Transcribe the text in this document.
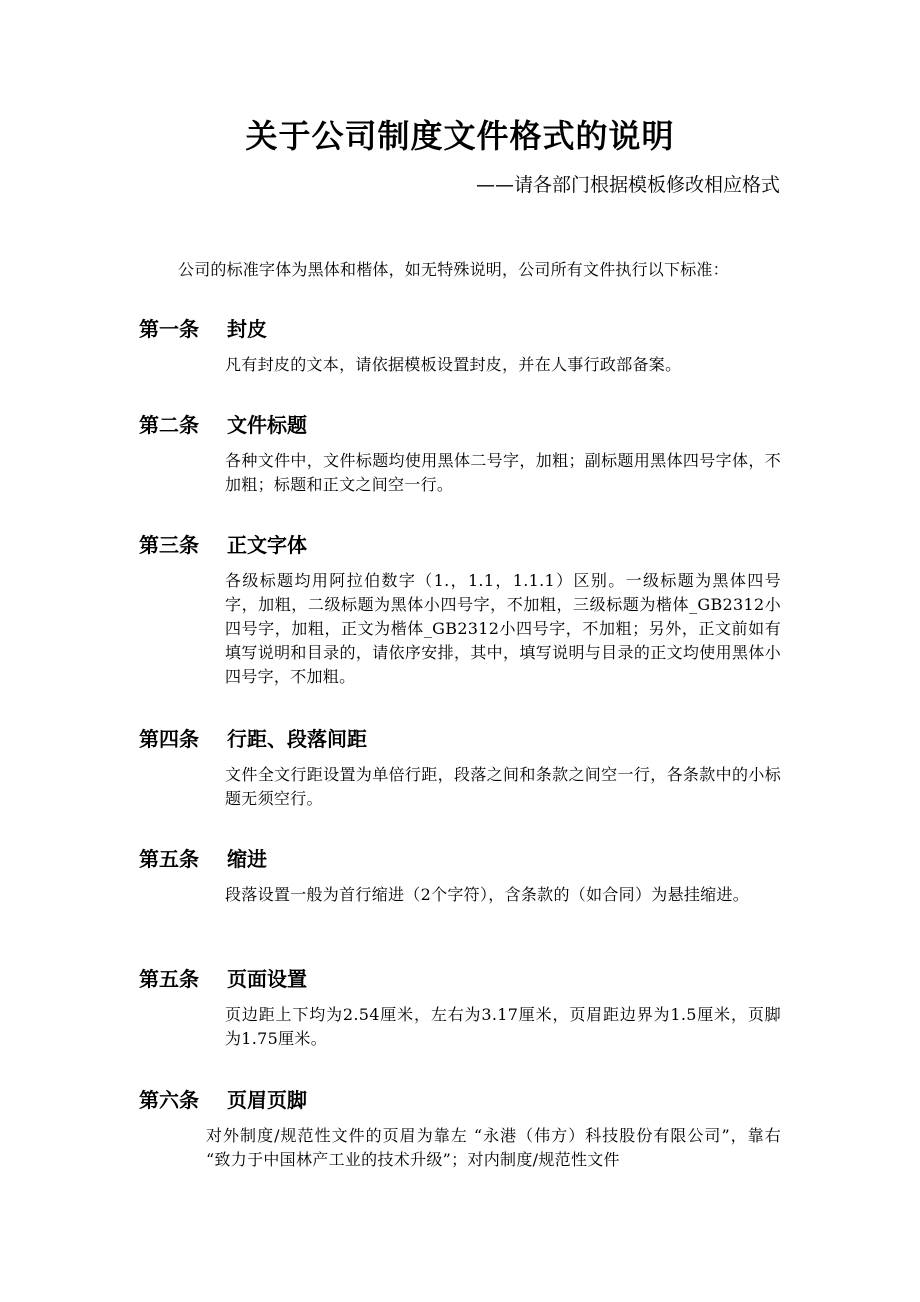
关于公司制度文件格式的说明
——请各部门根据模板修改相应格式
公司的标准字体为黑体和楷体，如无特殊说明，公司所有文件执行以下标准：
第一条 封皮
凡有封皮的文本，请依据模板设置封皮，并在人事行政部备案。
第二条 文件标题
各种文件中，文件标题均使用黑体二号字，加粗；副标题用黑体四号字体，不加粗；标题和正文之间空一行。
第三条 正文字体
各级标题均用阿拉伯数字（1.，1.1，1.1.1）区别。一级标题为黑体四号字，加粗，二级标题为黑体小四号字，不加粗，三级标题为楷体_GB2312小四号字，加粗，正文为楷体_GB2312小四号字，不加粗；另外，正文前如有填写说明和目录的，请依序安排，其中，填写说明与目录的正文均使用黑体小四号字，不加粗。
第四条 行距、段落间距
文件全文行距设置为单倍行距，段落之间和条款之间空一行，各条款中的小标题无须空行。
第五条 缩进
段落设置一般为首行缩进（2个字符），含条款的（如合同）为悬挂缩进。
第五条 页面设置
页边距上下均为2.54厘米，左右为3.17厘米，页眉距边界为1.5厘米，页脚为1.75厘米。
第六条 页眉页脚
对外制度/规范性文件的页眉为靠左 “永港（伟方）科技股份有限公司”，靠右 “致力于中国林产工业的技术升级”；对内制度/规范性文件
